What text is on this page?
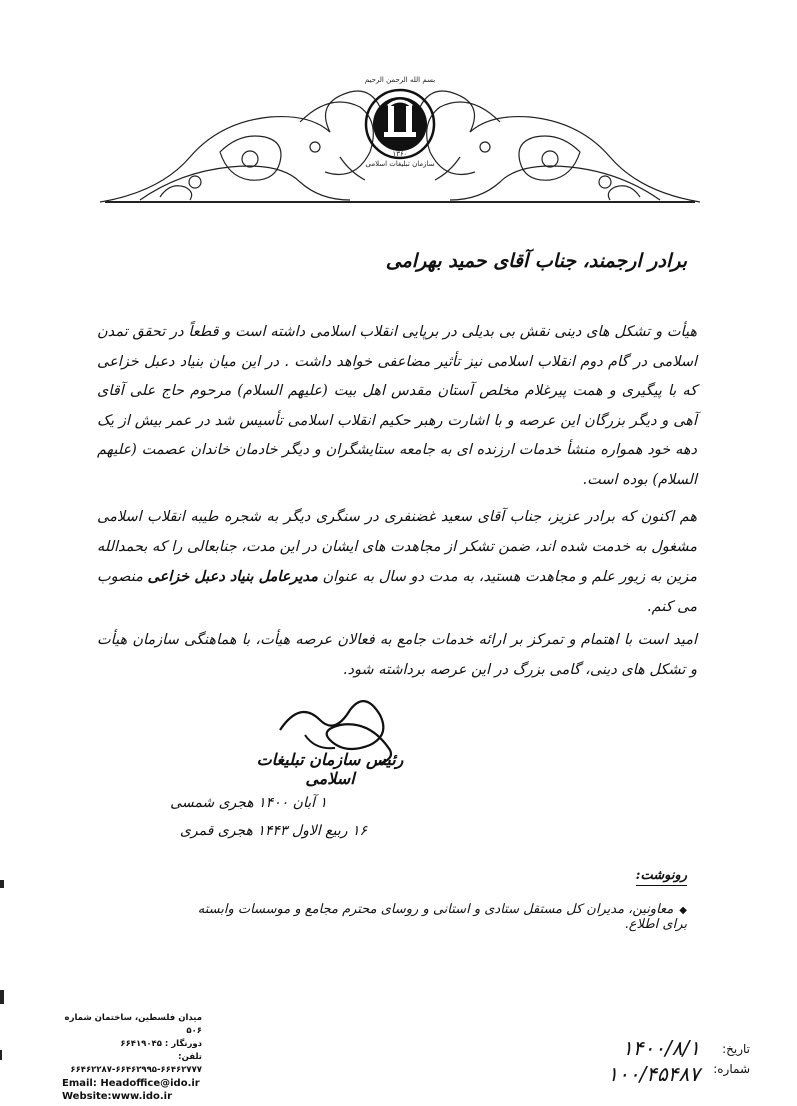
سازمان تبلیغات اسلامی
۱۳۶۰
بسم الله الرحمن الرحيم
برادر ارجمند، جناب آقای حمید بهرامی

هیأت و تشکل های دینی نقش بی بدیلی در برپایی انقلاب اسلامی داشته است و قطعاً در تحقق تمدن اسلامی در گام دوم انقلاب اسلامی نیز تأثیر مضاعفی خواهد داشت . در این میان بنیاد دعبل خزاعی که با پیگیری و همت پیرغلام مخلص آستان مقدس اهل بیت (علیهم السلام) مرحوم حاج علی آقای آهی و دیگر بزرگان این عرصه و با اشارت رهبر حکیم انقلاب اسلامی تأسیس شد در عمر بیش از یک دهه خود همواره منشأ خدمات ارزنده ای به جامعه ستایشگران و دیگر خادمان خاندان عصمت (علیهم السلام) بوده است.

هم اکنون که برادر عزیز، جناب آقای سعید غضنفری در سنگری دیگر به شجره طیبه انقلاب اسلامی مشغول به خدمت شده اند، ضمن تشکر از مجاهدت های ایشان در این مدت، جنابعالی را که بحمدالله مزین به زیور علم و مجاهدت هستید، به مدت دو سال به عنوان مدیرعامل بنیاد دعبل خزاعی منصوب می کنم.

امید است با اهتمام و تمرکز بر ارائه خدمات جامع به فعالان عرصه هیأت، با هماهنگی سازمان هیأت و تشکل های دینی، گامی بزرگ در این عرصه برداشته شود.

رئیس سازمان تبلیغات اسلامی
۱ آبان ۱۴۰۰ هجری شمسی
۱۶ ربیع الاول ۱۴۴۳ هجری قمری
رونوشت:
◆معاونین، مدیران کل مستقل ستادی و استانی و روسای محترم مجامع و موسسات وابسته برای اطلاع.
میدان فلسطین، ساختمان شماره ۵۰۶
دورنگار : ۶۶۴۱۹۰۴۵
تلفن: ۶۶۴۶۲۷۷۷-۶۶۴۶۲۹۹۵-۶۶۴۶۲۲۸۷
Email: Headoffice@ido.ir
Website:www.ido.ir
تاریخ:
۱۴۰۰/۸/۱
شماره:
۱۰۰/۴۵۴۸۷
